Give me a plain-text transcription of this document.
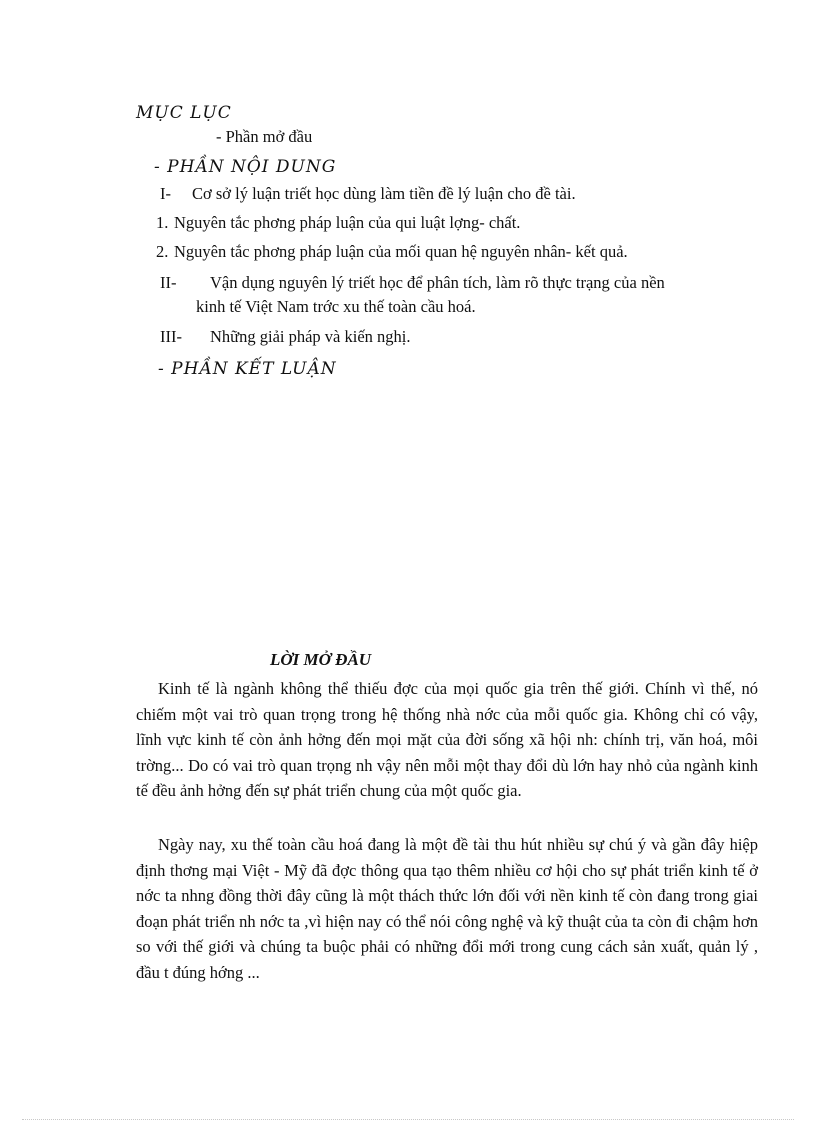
MỤC LỤC
- Phần mở đầu
- PHẦN NỘI DUNG
I- Cơ sở lý luận triết học dùng làm tiền đề lý luận cho đề tài.
1. Nguyên tắc phơng pháp luận của qui luật lợng- chất.
2. Nguyên tắc phơng pháp luận của mối quan hệ nguyên nhân- kết quả.
II- Vận dụng nguyên lý triết học để phân tích, làm rõ thực trạng của nền
kinh tế Việt Nam trớc xu thế toàn cầu hoá.
III- Những giải pháp và kiến nghị.
- PHẦN KẾT LUẬN
LỜI MỞ ĐẦU
Kinh tế là ngành không thể thiếu đợc của mọi quốc gia trên thế giới. Chính vì thế, nó chiếm một vai trò quan trọng trong hệ thống nhà nớc của mỗi quốc gia. Không chỉ có vậy, lĩnh vực kinh tế còn ảnh hởng đến mọi mặt của đời sống xã hội nh: chính trị, văn hoá, môi trờng... Do có vai trò quan trọng nh vậy nên mỗi một thay đổi dù lớn hay nhỏ của ngành kinh tế đều ảnh hởng đến sự phát triển chung của một quốc gia.
Ngày nay, xu thế toàn cầu hoá đang là một đề tài thu hút nhiều sự chú ý và gần đây hiệp định thơng mại Việt - Mỹ đã đợc thông qua tạo thêm nhiều cơ hội cho sự phát triển kinh tế ở nớc ta nhng đồng thời đây cũng là một thách thức lớn đối với nền kinh tế còn đang trong giai đoạn phát triển nh nớc ta ,vì hiện nay có thể nói công nghệ và kỹ thuật của ta còn đi chậm hơn so với thế giới và chúng ta buộc phải có những đổi mới trong cung cách sản xuất, quản lý , đầu t đúng hớng ...
